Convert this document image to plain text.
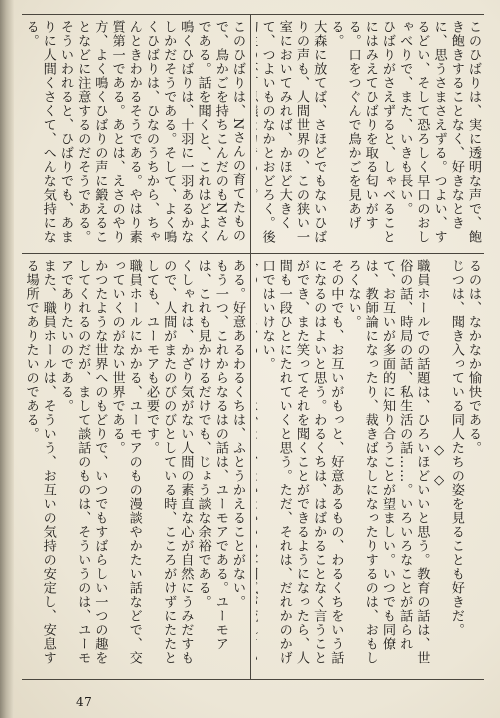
このひばりは、実に透明な声で、飽き飽きすることなく、好きなときに、思うさまさえずる。つよい、するどい、そして恐ろしく早口のおしゃべりで、また、いきも長い。

ひばりがさえずると、しゃべることにはみえてひばりを取る匂いがする。口をつぐんで鳥かごを見あげる。

大森に放てば、さほどでもないひばりの声も、人間世界の、この狭い一室においてみれば、かほど大きくて、つよいものなかとおどろく。後

このひばりは、Nさんの育てたもので、鳥かごを持ちこんだのもNさんである。話を聞くと、これはどよく鳴くひばりは、十羽に一羽あるかなしかだそうである。そして、よく鳴くひばりは、ひなのうちから、ちゃんときわかるそうである。やはり素質第一である。あとは、えさのやり方、よく鳴くひばりの声に鍛えることなどに注意するのだそうである。

そういわれると、ひばりでも、あまりに人間くさくて、へんな気持になる。

るのは、なかなか愉快である。

じつは、聞き入っている同人たちの姿を見ることも好きだ。

◇　◇

職員ホールでの話題は、ひろいほどいいと思う。教育の話は、世俗の話、時局の話、私生活の話……。いろいろなことが話られて、お互いが多面的に知り合うことが望ましい。いつでも同僚は、教師論になったり、裁きばなしになったりするのは、おもしろくない。

その中でも、お互いがもっと、好意あるもの、わるくちをいう話になるのはよいと思う。わるくちは、はばかることなく言うことができ、また笑ってそれを聞くことができるようになったら、人間も一段ひとにたれていくと思う。ただ、それは、だれかのかげ口ではいけない。

ある。好意あるわるくちは、ふとうかえることがない。

もう一つ、これからなるはの話は、ユーモアである。ユーモアは、これも見かけるだけでも、じょう談な余裕である。

くしゃれは、かざり気がない人間の素直な心が自然にうみだすもので、人間がまたのびのびとしている時、こころがけずにたたとしても、ユーモアも必要です。

職員ホールにかかる、ユーモアのもの漫談やかたい話などで、交っていくのがない世界である。

かつたような世界へのもどりで、いつでもすばらしい一つの趣をしてくれるのだが、まして談話のものは、そういうのは、ユーモアでありたいのである。

また、職員ホールは、そういう、お互いの気持の安定し、安息する場所でありたいのである。

47
